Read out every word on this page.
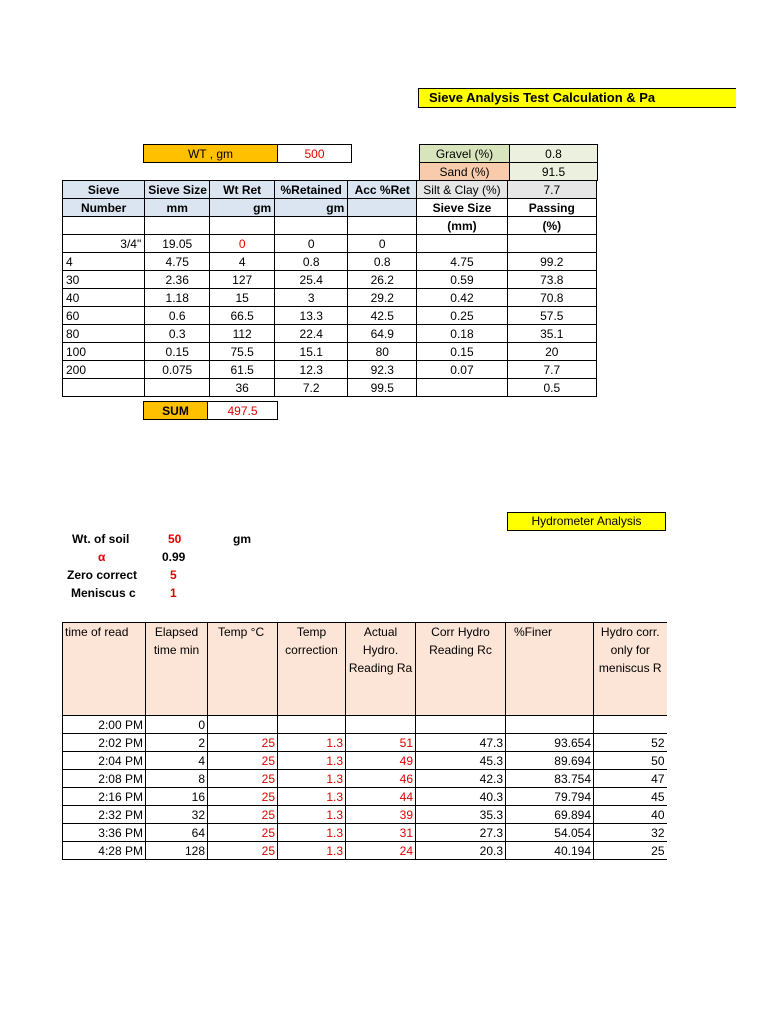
Sieve Analysis Test Calculation & Pa
WT , gm	500	Gravel (%)	0.8
Sand (%)	91.5
Sieve	Sieve Size	Wt Ret	%Retained	Acc %Ret	Silt & Clay (%)	7.7
Number	mm	gm	gm		Sieve Size	Passing
					(mm)	(%)
3/4"	19.05	0	0	0		
4	4.75	4	0.8	0.8	4.75	99.2
30	2.36	127	25.4	26.2	0.59	73.8
40	1.18	15	3	29.2	0.42	70.8
60	0.6	66.5	13.3	42.5	0.25	57.5
80	0.3	112	22.4	64.9	0.18	35.1
100	0.15	75.5	15.1	80	0.15	20
200	0.075	61.5	12.3	92.3	0.07	7.7
		36	7.2	99.5		0.5
SUM	497.5
Hydrometer Analysis
Wt. of soil	50	gm
α	0.99
Zero correct	5
Meniscus c	1
time of read	Elapsed time min	Temp °C	Temp correction	Actual Hydro. Reading Ra	Corr Hydro Reading Rc	%Finer	Hydro corr. only for meniscus R
2:00 PM	0						
2:02 PM	2	25	1.3	51	47.3	93.654	52
2:04 PM	4	25	1.3	49	45.3	89.694	50
2:08 PM	8	25	1.3	46	42.3	83.754	47
2:16 PM	16	25	1.3	44	40.3	79.794	45
2:32 PM	32	25	1.3	39	35.3	69.894	40
3:36 PM	64	25	1.3	31	27.3	54.054	32
4:28 PM	128	25	1.3	24	20.3	40.194	25
